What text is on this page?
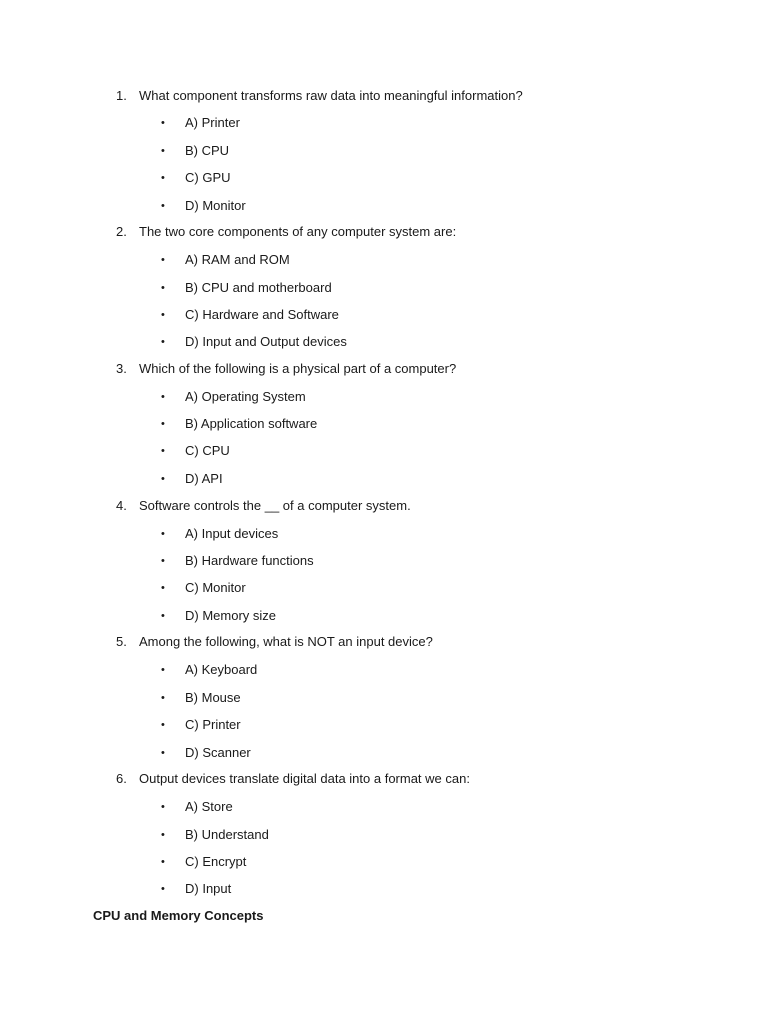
1. What component transforms raw data into meaningful information?
• A) Printer
• B) CPU
• C) GPU
• D) Monitor
2. The two core components of any computer system are:
• A) RAM and ROM
• B) CPU and motherboard
• C) Hardware and Software
• D) Input and Output devices
3. Which of the following is a physical part of a computer?
• A) Operating System
• B) Application software
• C) CPU
• D) API
4. Software controls the __ of a computer system.
• A) Input devices
• B) Hardware functions
• C) Monitor
• D) Memory size
5. Among the following, what is NOT an input device?
• A) Keyboard
• B) Mouse
• C) Printer
• D) Scanner
6. Output devices translate digital data into a format we can:
• A) Store
• B) Understand
• C) Encrypt
• D) Input
CPU and Memory Concepts
